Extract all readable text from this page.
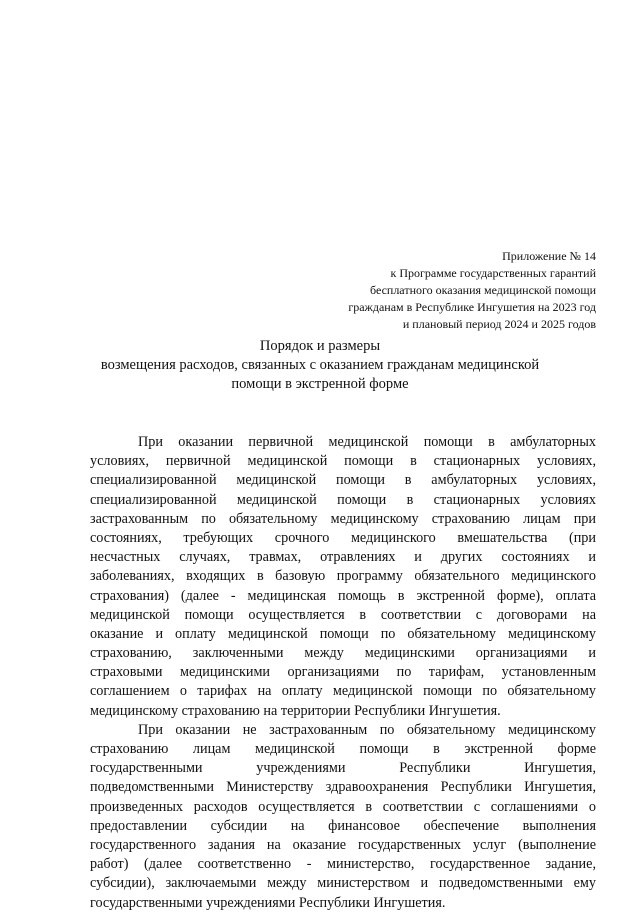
Приложение № 14
к Программе государственных гарантий
бесплатного оказания медицинской помощи
гражданам в Республике Ингушетия на 2023 год
и плановый период 2024 и 2025 годов
Порядок и размеры
возмещения расходов, связанных с оказанием гражданам медицинской
помощи в экстренной форме
При оказании первичной медицинской помощи в амбулаторных
условиях, первичной медицинской помощи в стационарных условиях,
специализированной медицинской помощи в амбулаторных условиях,
специализированной медицинской помощи в стационарных условиях
застрахованным по обязательному медицинскому страхованию лицам при
состояниях, требующих срочного медицинского вмешательства (при
несчастных случаях, травмах, отравлениях и других состояниях и
заболеваниях, входящих в базовую программу обязательного медицинского
страхования) (далее - медицинская помощь в экстренной форме), оплата
медицинской помощи осуществляется в соответствии с договорами на
оказание и оплату медицинской помощи по обязательному медицинскому
страхованию, заключенными между медицинскими организациями и
страховыми медицинскими организациями по тарифам, установленным
соглашением о тарифах на оплату медицинской помощи по обязательному
медицинскому страхованию на территории Республики Ингушетия.
При оказании не застрахованным по обязательному медицинскому
страхованию лицам медицинской помощи в экстренной форме
государственными учреждениями Республики Ингушетия,
подведомственными Министерству здравоохранения Республики Ингушетия,
произведенных расходов осуществляется в соответствии с соглашениями о
предоставлении субсидии на финансовое обеспечение выполнения
государственного задания на оказание государственных услуг (выполнение
работ) (далее соответственно - министерство, государственное задание,
субсидии), заключаемыми между министерством и подведомственными ему
государственными учреждениями Республики Ингушетия.
